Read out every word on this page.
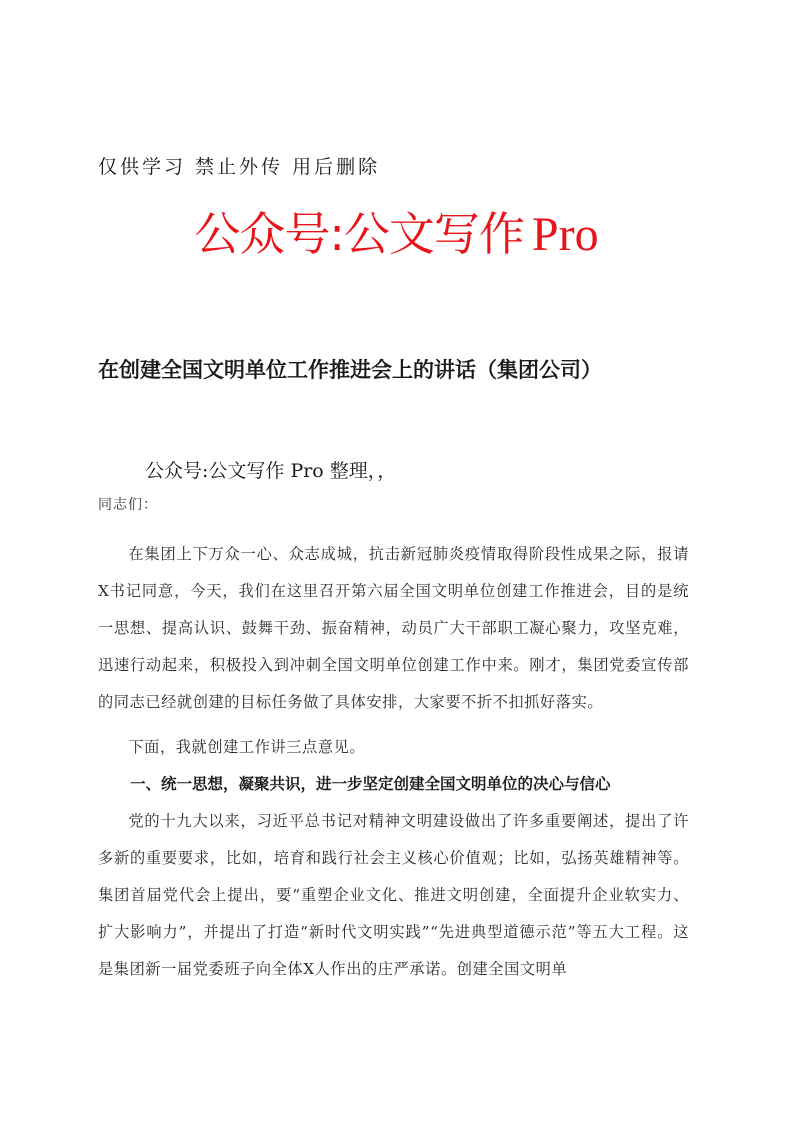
仅供学习 禁止外传 用后删除
公众号:公文写作 Pro
在创建全国文明单位工作推进会上的讲话（集团公司）
公众号:公文写作 Pro 整理，，
同志们：

在集团上下万众一心、众志成城，抗击新冠肺炎疫情取得阶段性成果之际，报请X书记同意，今天，我们在这里召开第六届全国文明单位创建工作推进会，目的是统一思想、提高认识、鼓舞干劲、振奋精神，动员广大干部职工凝心聚力，攻坚克难，迅速行动起来，积极投入到冲刺全国文明单位创建工作中来。刚才，集团党委宣传部的同志已经就创建的目标任务做了具体安排，大家要不折不扣抓好落实。

下面，我就创建工作讲三点意见。

一、统一思想，凝聚共识，进一步坚定创建全国文明单位的决心与信心

党的十九大以来，习近平总书记对精神文明建设做出了许多重要阐述，提出了许多新的重要要求，比如，培育和践行社会主义核心价值观；比如，弘扬英雄精神等。集团首届党代会上提出，要“重塑企业文化、推进文明创建，全面提升企业软实力、扩大影响力”，并提出了打造“新时代文明实践”“先进典型道德示范”等五大工程。这是集团新一届党委班子向全体X人作出的庄严承诺。创建全国文明单
